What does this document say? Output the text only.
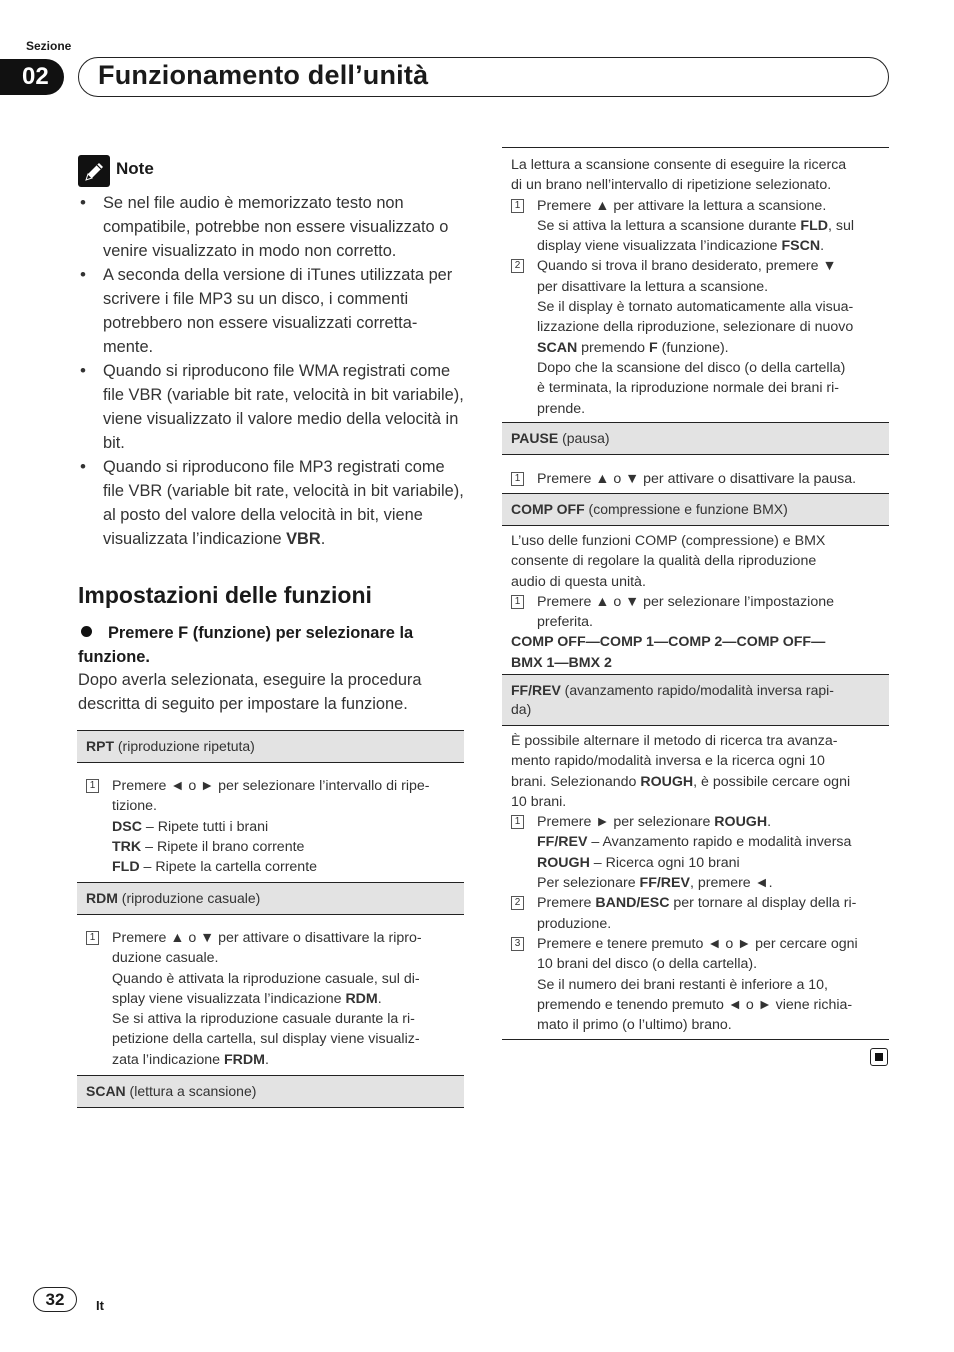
Sezione
02	Funzionamento dell’unità
Note
• Se nel file audio è memorizzato testo non compatibile, potrebbe non essere visualizzato o venire visualizzato in modo non corretto.
• A seconda della versione di iTunes utilizzata per scrivere i file MP3 su un disco, i commenti potrebbero non essere visualizzati corretta- mente.
• Quando si riproducono file WMA registrati come file VBR (variable bit rate, velocità in bit variabile), viene visualizzato il valore medio della velocità in bit.
• Quando si riproducono file MP3 registrati come file VBR (variable bit rate, velocità in bit variabile), al posto del valore della velocità in bit, viene visualizzata l’indicazione VBR.
Impostazioni delle funzioni
Premere F (funzione) per selezionare la funzione.
Dopo averla selezionata, eseguire la procedura descritta di seguito per impostare la funzione.
RPT (riproduzione ripetuta)
1 Premere ◄ o ► per selezionare l’intervallo di ripe-
tizione.
DSC – Ripete tutti i brani
TRK – Ripete il brano corrente
FLD – Ripete la cartella corrente
RDM (riproduzione casuale)
1 Premere ▲ o ▼ per attivare o disattivare la ripro-
duzione casuale.
Quando è attivata la riproduzione casuale, sul di-
splay viene visualizzata l’indicazione RDM.
Se si attiva la riproduzione casuale durante la ri-
petizione della cartella, sul display viene visualiz-
zata l’indicazione FRDM.
SCAN (lettura a scansione)
La lettura a scansione consente di eseguire la ricerca
di un brano nell’intervallo di ripetizione selezionato.
1 Premere ▲ per attivare la lettura a scansione.
Se si attiva la lettura a scansione durante FLD, sul
display viene visualizzata l’indicazione FSCN.
2 Quando si trova il brano desiderato, premere ▼
per disattivare la lettura a scansione.
Se il display è tornato automaticamente alla visua-
lizzazione della riproduzione, selezionare di nuovo
SCAN premendo F (funzione).
Dopo che la scansione del disco (o della cartella)
è terminata, la riproduzione normale dei brani ri-
prende.
PAUSE (pausa)
1 Premere ▲ o ▼ per attivare o disattivare la pausa.
COMP OFF (compressione e funzione BMX)
L’uso delle funzioni COMP (compressione) e BMX
consente di regolare la qualità della riproduzione
audio di questa unità.
1 Premere ▲ o ▼ per selezionare l’impostazione
preferita.
COMP OFF—COMP 1—COMP 2—COMP OFF—
BMX 1—BMX 2
FF/REV (avanzamento rapido/modalità inversa rapi-
da)
È possibile alternare il metodo di ricerca tra avanza-
mento rapido/modalità inversa e la ricerca ogni 10
brani. Selezionando ROUGH, è possibile cercare ogni
10 brani.
1 Premere ► per selezionare ROUGH.
FF/REV – Avanzamento rapido e modalità inversa
ROUGH – Ricerca ogni 10 brani
Per selezionare FF/REV, premere ◄.
2 Premere BAND/ESC per tornare al display della ri-
produzione.
3 Premere e tenere premuto ◄ o ► per cercare ogni
10 brani del disco (o della cartella).
Se il numero dei brani restanti è inferiore a 10,
premendo e tenendo premuto ◄ o ► viene richia-
mato il primo (o l’ultimo) brano.
32	It
